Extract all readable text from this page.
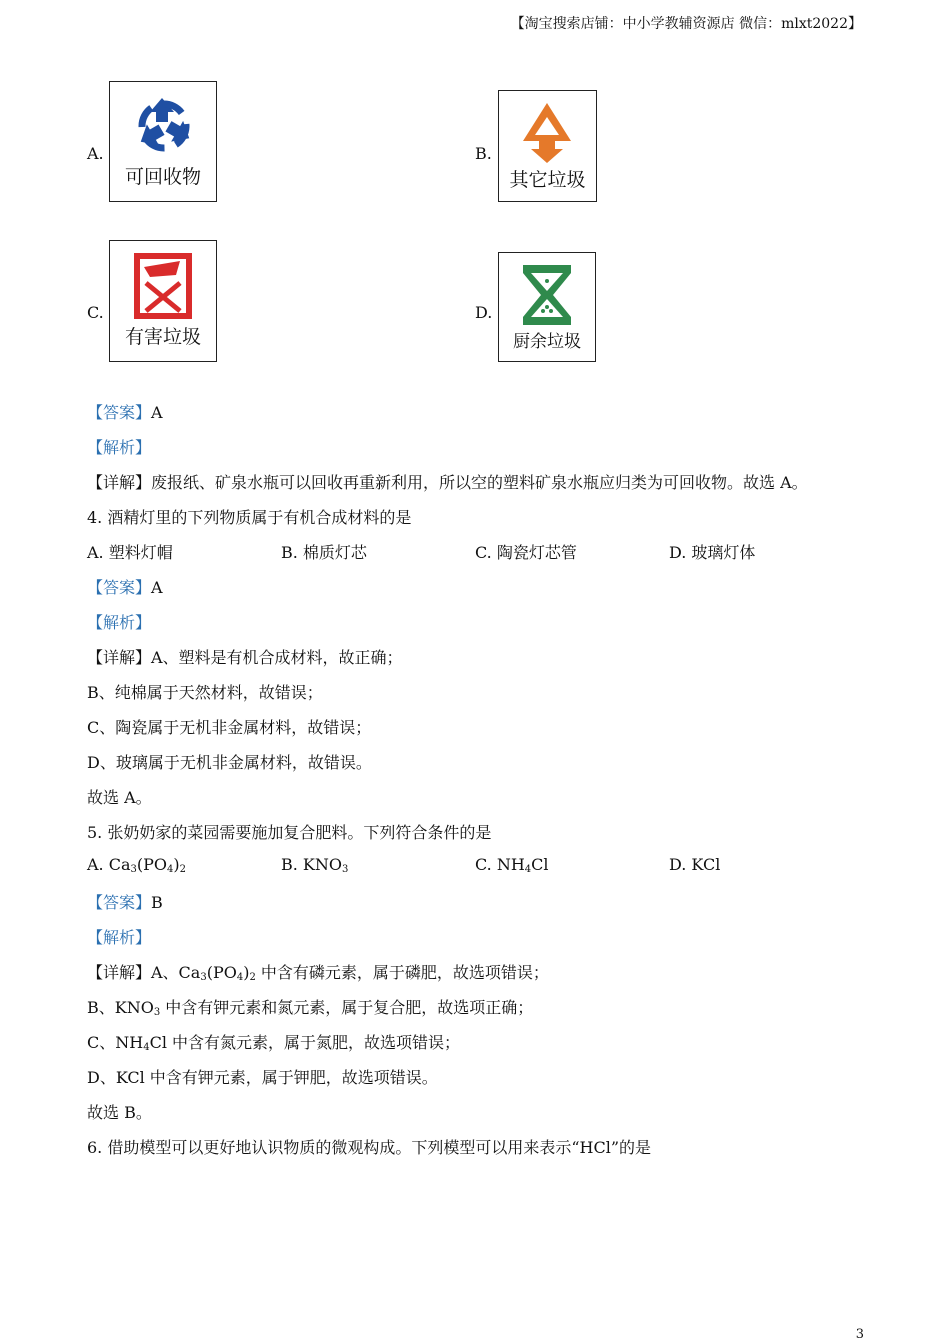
【淘宝搜索店铺：中小学教辅资源店 微信：mlxt2022】
A.
可回收物
B.
其它垃圾
C.
有害垃圾
D.
厨余垃圾
【答案】A
【解析】
【详解】废报纸、矿泉水瓶可以回收再重新利用，所以空的塑料矿泉水瓶应归类为可回收物。故选 A。
4. 酒精灯里的下列物质属于有机合成材料的是
A. 塑料灯帽	B. 棉质灯芯	C. 陶瓷灯芯管	D. 玻璃灯体
【答案】A
【解析】
【详解】A、塑料是有机合成材料，故正确；
B、纯棉属于天然材料，故错误；
C、陶瓷属于无机非金属材料，故错误；
D、玻璃属于无机非金属材料，故错误。
故选 A。
5. 张奶奶家的菜园需要施加复合肥料。下列符合条件的是
A. $Ca_3(PO_4)_2$	B. $KNO_3$	C. $NH_4Cl$	D. KCl
【答案】B
【解析】
【详解】A、$Ca_3(PO_4)_2$ 中含有磷元素，属于磷肥，故选项错误；
B、$KNO_3$ 中含有钾元素和氮元素，属于复合肥，故选项正确；
C、$NH_4Cl$ 中含有氮元素，属于氮肥，故选项错误；
D、KCl 中含有钾元素，属于钾肥，故选项错误。
故选 B。
6. 借助模型可以更好地认识物质的微观构成。下列模型可以用来表示“HCl”的是
3
